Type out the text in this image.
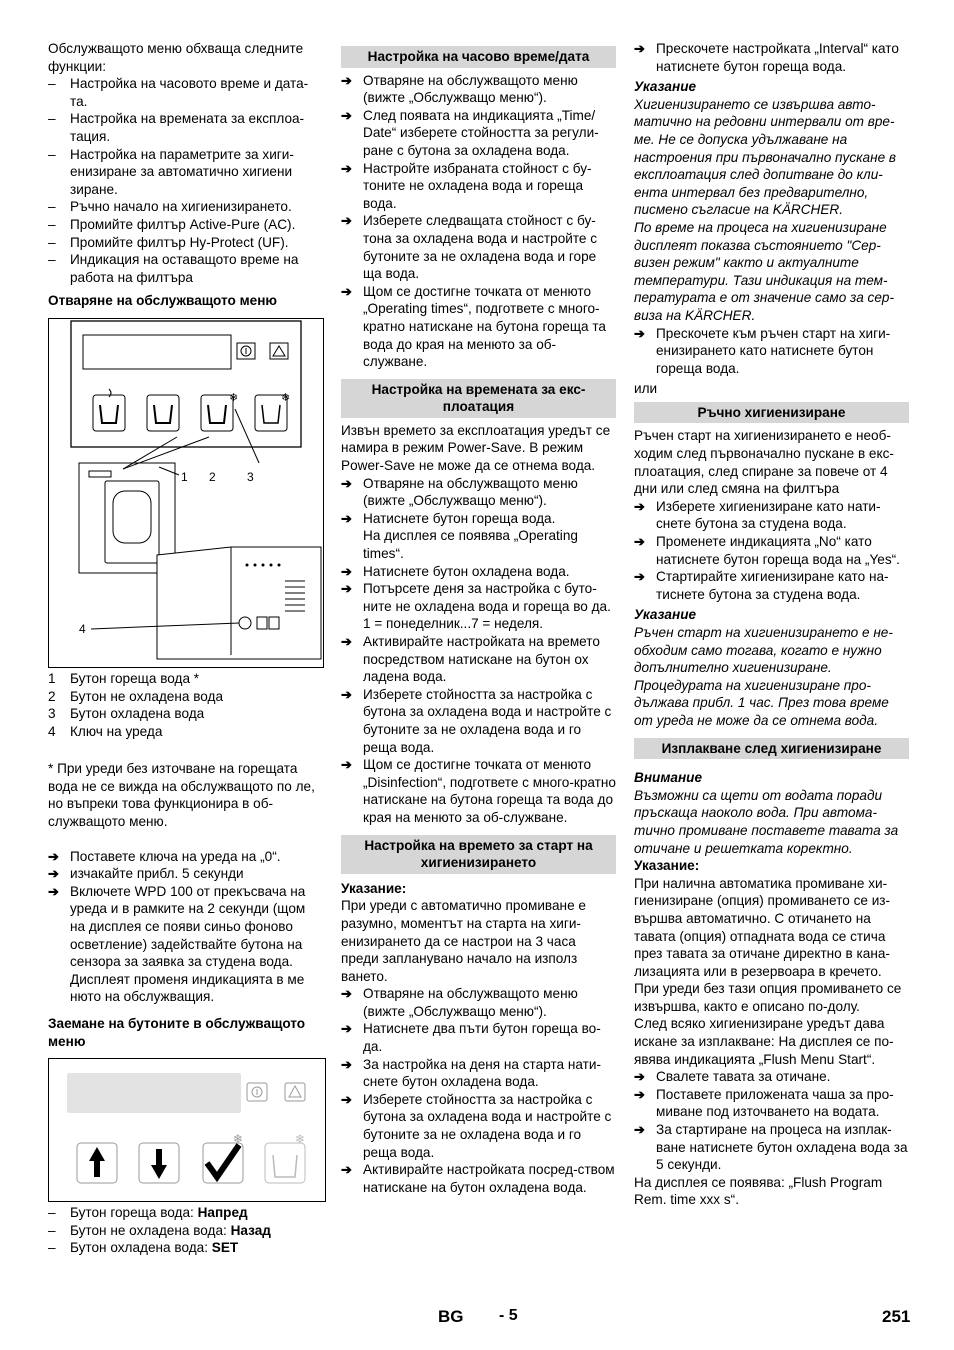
Обслужващото меню обхваща следните функции:

– Настройка на часовото време и дата-та.
– Настройка на времената за експлоа-тация.
– Настройка на параметрите за хиги-енизиране за автоматично хигиени зиране.
– Ръчно начало на хигиенизирането.
– Промийте филтър Active-Pure (AC).
– Промийте филтър Hy-Protect (UF).
– Индикация на оставащото време на работа на филтъра

Отваряне на обслужващото меню

❄	❄
1 2	3
4
1 Бутон гореща вода *
2 Бутон не охладена вода
3 Бутон охладена вода
4 Ключ на уреда

* При уреди без източване на горещата вода не се вижда на обслужващото по ле, но въпреки това функционира в об-служващото меню.

➔ Поставете ключа на уреда на „0“.
➔ изчакайте прибл. 5 секунди
➔ Включете WPD 100 от прекъсвача на уреда и в рамките на 2 секунди (щом на дисплея се появи синьо фоново осветление) задействайте бутона на сензора за заявка за студена вода. Дисплеят променя индикацията в ме нюто на обслужващия.

Заемане на бутоните в обслужващото меню

❄	❄
– Бутон гореща вода: Напред
– Бутон не охладена вода: Назад
– Бутон охладена вода: SET
Настройка на часово време/дата
➔ Отваряне на обслужващото меню (вижте „Обслужващо меню“).
➔ След появата на индикацията „Time/ Date“ изберете стойността за регули-ране с бутона за охладена вода.
➔ Настройте избраната стойност с бу-тоните не охладена вода и гореща вода.
➔ Изберете следващата стойност с бу-тона за охладена вода и настройте с бутоните за не охладена вода и горе ща вода.
➔ Щом се достигне точката от менюто „Operating times“, подгответе с много-кратно натискане на бутона гореща та вода до края на менюто за об-служване.
Настройка на времената за екс-плоатация

Извън времето за експлоатация уредът се намира в режим Power-Save. В режим Power-Save не може да се отнема вода.

➔ Отваряне на обслужващото меню (вижте „Обслужващо меню“).
➔ Натиснете бутон гореща вода.
На дисплея се появява „Operating times“.
➔ Натиснете бутон охладена вода.
➔ Потърсете деня за настройка с буто-ните не охладена вода и гореща во да.
1 = понеделник...7 = неделя.
➔ Активирайте настройката на времето посредством натискане на бутон ох ладена вода.
➔ Изберете стойността за настройка с бутона за охладена вода и настройте с бутоните за не охладена вода и го реща вода.
➔ Щом се достигне точката от менюто „Disinfection“, подгответе с много-кратно натискане на бутона гореща та вода до края на менюто за об-служване.
Настройка на времето за старт на хигиенизирането

Указание:

При уреди с автоматично промиване е разумно, моментът на старта на хиги-енизирането да се настрои на 3 часа преди запланувано начало на използ ването.

➔ Отваряне на обслужващото меню (вижте „Обслужващо меню“).
➔ Натиснете два пъти бутон гореща во-да.
➔ За настройка на деня на старта нати-снете бутон охладена вода.
➔ Изберете стойността за настройка с бутона за охладена вода и настройте с бутоните за не охладена вода и го реща вода.
➔ Активирайте настройката посред-ством натискане на бутон охладена вода.
➔ Прескочете настройката „Interval“ като натиснете бутон гореща вода.

Указание

Хигиенизирането се извършва авто-матично на редовни интервали от вре-ме. Не се допуска удължаване на настроения при първоначално пускане в експлоатация след допитване до кли-ента интервал без предварително, писмено съгласие на KÄRCHER.

По време на процеса на хигиенизиране дисплеят показва състоянието "Сер-визен режим" както и актуалните температури. Тази индикация на тем-пературата е от значение само за сер-виза на KÄRCHER.

➔ Прескочете към ръчен старт на хиги-енизирането като натиснете бутон гореща вода.

или

Ръчно хигиенизиране

Ръчен старт на хигиенизирането е необ-ходим след първоначално пускане в екс-плоатация, след спиране за повече от 4 дни или след смяна на филтъра

➔ Изберете хигиенизиране като нати-снете бутона за студена вода.
➔ Променете индикацията „No“ като натиснете бутон гореща вода на „Yes“.
➔ Стартирайте хигиенизиране като на-тиснете бутона за студена вода.

Указание

Ръчен старт на хигиенизирането е не-обходим само тогава, когато е нужно допълнително хигиенизиране.

Процедурата на хигиенизиране про-дължава прибл. 1 час. През това време от уреда не може да се отнема вода.

Изплакване след хигиенизиране

Внимание

Възможни са щети от водата поради пръскаща наоколо вода. При автома-тично промиване поставете тавата за отичане и решетката коректно.

Указание:

При налична автоматика промиване хи-гиенизиране (опция) промиването се из-вършва автоматично. С отичането на тавата (опция) отпадната вода се стича през тавата за отичане директно в кана-лизацията или в резервоара в кречето.

При уреди без тази опция промиването се извършва, както е описано по-долу.

След всяко хигиенизиране уредът дава искане за изплакване: На дисплея се по-явява индикацията „Flush Menu Start“.

➔ Свалете тавата за отичане.
➔ Поставете приложената чаша за про-миване под източването на водата.
➔ За стартиране на процеса на изплак-ване натиснете бутон охладена вода за 5 секунди.

На дисплея се появява: „Flush Program Rem. time xxx s“.

BG - 5	251
